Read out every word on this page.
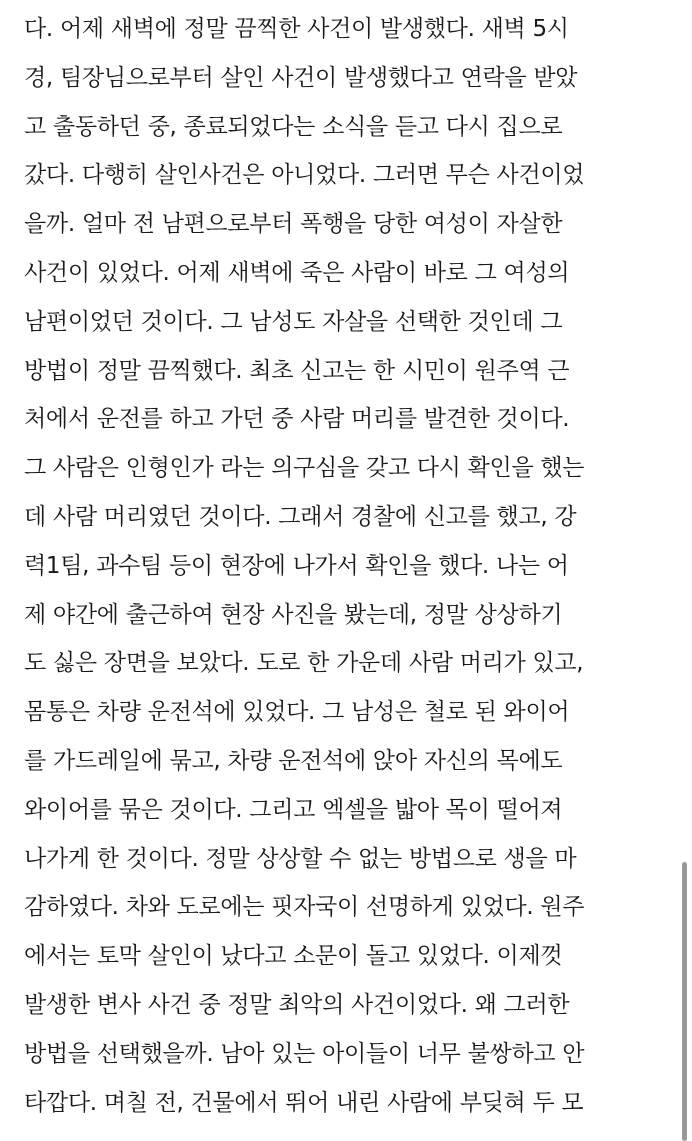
다. 어제 새벽에 정말 끔찍한 사건이 발생했다. 새벽 5시
경, 팀장님으로부터 살인 사건이 발생했다고 연락을 받았
고 출동하던 중, 종료되었다는 소식을 듣고 다시 집으로
갔다. 다행히 살인사건은 아니었다. 그러면 무슨 사건이었
을까. 얼마 전 남편으로부터 폭행을 당한 여성이 자살한
사건이 있었다. 어제 새벽에 죽은 사람이 바로 그 여성의
남편이었던 것이다. 그 남성도 자살을 선택한 것인데 그
방법이 정말 끔찍했다. 최초 신고는 한 시민이 원주역 근
처에서 운전를 하고 가던 중 사람 머리를 발견한 것이다.
그 사람은 인형인가 라는 의구심을 갖고 다시 확인을 했는
데 사람 머리였던 것이다. 그래서 경찰에 신고를 했고, 강
력1팀, 과수팀 등이 현장에 나가서 확인을 했다. 나는 어
제 야간에 출근하여 현장 사진을 봤는데, 정말 상상하기
도 싫은 장면을 보았다. 도로 한 가운데 사람 머리가 있고,
몸통은 차량 운전석에 있었다. 그 남성은 철로 된 와이어
를 가드레일에 묶고, 차량 운전석에 앉아 자신의 목에도
와이어를 묶은 것이다. 그리고 엑셀을 밟아 목이 떨어져
나가게 한 것이다. 정말 상상할 수 없는 방법으로 생을 마
감하였다. 차와 도로에는 핏자국이 선명하게 있었다. 원주
에서는 토막 살인이 났다고 소문이 돌고 있었다. 이제껏
발생한 변사 사건 중 정말 최악의 사건이었다. 왜 그러한
방법을 선택했을까. 남아 있는 아이들이 너무 불쌍하고 안
타깝다. 며칠 전, 건물에서 뛰어 내린 사람에 부딪혀 두 모
